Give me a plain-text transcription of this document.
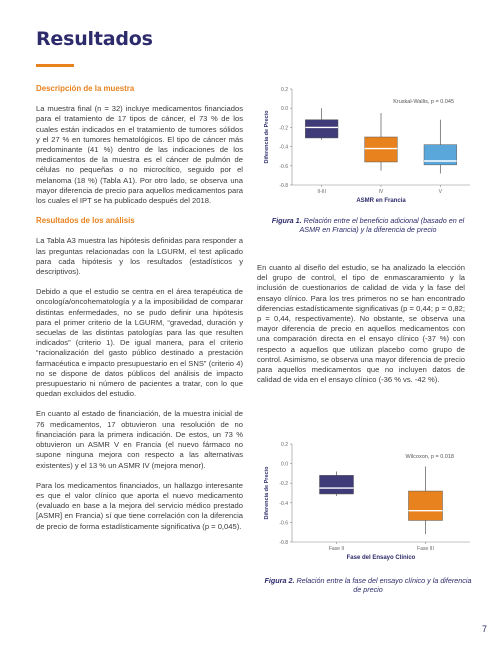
Resultados

Descripción de la muestra

La muestra final (n = 32) incluye medicamentos financiados para el tratamiento de 17 tipos de cáncer, el 73 % de los cuales están indicados en el tratamiento de tumores sólidos y el 27 % en tumores hematológicos. El tipo de cáncer más predominante (41 %) dentro de las indicaciones de los medicamentos de la muestra es el cáncer de pulmón de células no pequeñas o no microcítico, seguido por el melanoma (18 %) (Tabla A1). Por otro lado, se observa una mayor diferencia de precio para aquellos medicamentos para los cuales el IPT se ha publicado después del 2018.

Resultados de los análisis

La Tabla A3 muestra las hipótesis definidas para responder a las preguntas relacionadas con la LGURM, el test aplicado para cada hipótesis y los resultados (estadísticos y descriptivos).

Debido a que el estudio se centra en el área terapéutica de oncología/oncohematología y a la imposibilidad de comparar distintas enfermedades, no se pudo definir una hipótesis para el primer criterio de la LGURM, “gravedad, duración y secuelas de las distintas patologías para las que resulten indicados” (criterio 1). De igual manera, para el criterio “racionalización del gasto público destinado a prestación farmacéutica e impacto presupuestario en el SNS” (criterio 4) no se dispone de datos públicos del análisis de impacto presupuestario ni número de pacientes a tratar, con lo que quedan excluidos del estudio.

En cuanto al estado de financiación, de la muestra inicial de 76 medicamentos, 17 obtuvieron una resolución de no financiación para la primera indicación. De estos, un 73 % obtuvieron un ASMR V en Francia (el nuevo fármaco no supone ninguna mejora con respecto a las alternativas existentes) y el 13 % un ASMR IV (mejora menor).

Para los medicamentos financiados, un hallazgo interesante es que el valor clínico que aporta el nuevo medicamento (evaluado en base a la mejora del servicio médico prestado [ASMR] en Francia) sí que tiene correlación con la diferencia de precio de forma estadísticamente significativa (p = 0,045).

0.2
0.0
-0.2
-0.4
-0.6
-0.8
Diferencia de Precio
Kruskal-Wallis, p = 0.045
II-III	IV	V
ASMR en Francia
Figura 1. Relación entre el beneficio adicional (basado en el ASMR en Francia) y la diferencia de precio

En cuanto al diseño del estudio, se ha analizado la elección del grupo de control, el tipo de enmascaramiento y la inclusión de cuestionarios de calidad de vida y la fase del ensayo clínico. Para los tres primeros no se han encontrado diferencias estadísticamente significativas (p = 0,44; p = 0,82; p = 0,44, respectivamente). No obstante, se observa una mayor diferencia de precio en aquellos medicamentos con una comparación directa en el ensayo clínico (-37 %) con respecto a aquellos que utilizan placebo como grupo de control. Asimismo, se observa una mayor diferencia de precio para aquellos medicamentos que no incluyen datos de calidad de vida en el ensayo clínico (-36 % vs. -42 %).

0.2
0.0
-0.2
-0.4
-0.6
-0.8
Diferencia de Precio
Wilcoxon, p = 0.018
Fase II	Fase III
Fase del Ensayo Clínico
Figura 2. Relación entre la fase del ensayo clínico y la diferencia de precio
7
